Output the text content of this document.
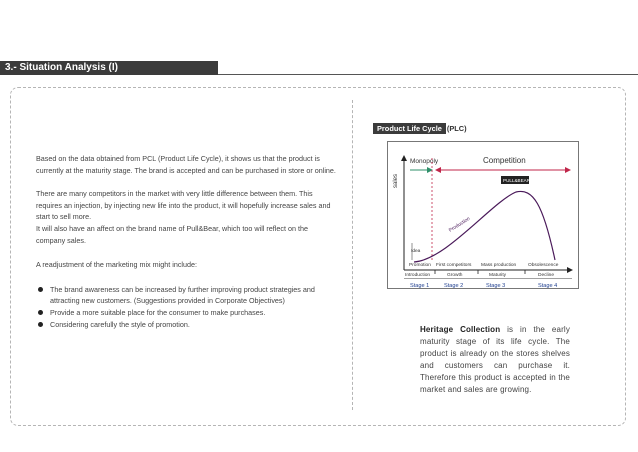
3.- Situation Analysis (I)

Based on the data obtained from PCL (Product Life Cycle), it shows us that the product is currently at the maturity stage. The brand is accepted and can be purchased in store or online.

There are many competitors in the market with very little difference between them. This requires an injection, by injecting new life into the product, it will hopefully increase sales and start to sell more.

It will also have an affect on the brand name of Pull&Bear, which too will reflect on the company sales.

A readjustment of the marketing mix might include:

The brand awareness can be increased by further improving product strategies and attracting new customers. (Suggestions provided in Corporate Objectives)
Provide a more suitable place for the consumer to make purchases.
Considering carefully the style of promotion.
Product Life Cycle (PLC)
Monopoly	Competition
sales
Production
PULL&BEAR
Idea
Promotion First competitors Mass production Obsolescence
Introduction	Growth	Maturity	Decline
Stage 1	Stage 2	Stage 3	Stage 4
Heritage Collection is in the early maturity stage of its life cycle. The product is already on the stores shelves and customers can purchase it. Therefore this product is accepted in the market and sales are growing.
